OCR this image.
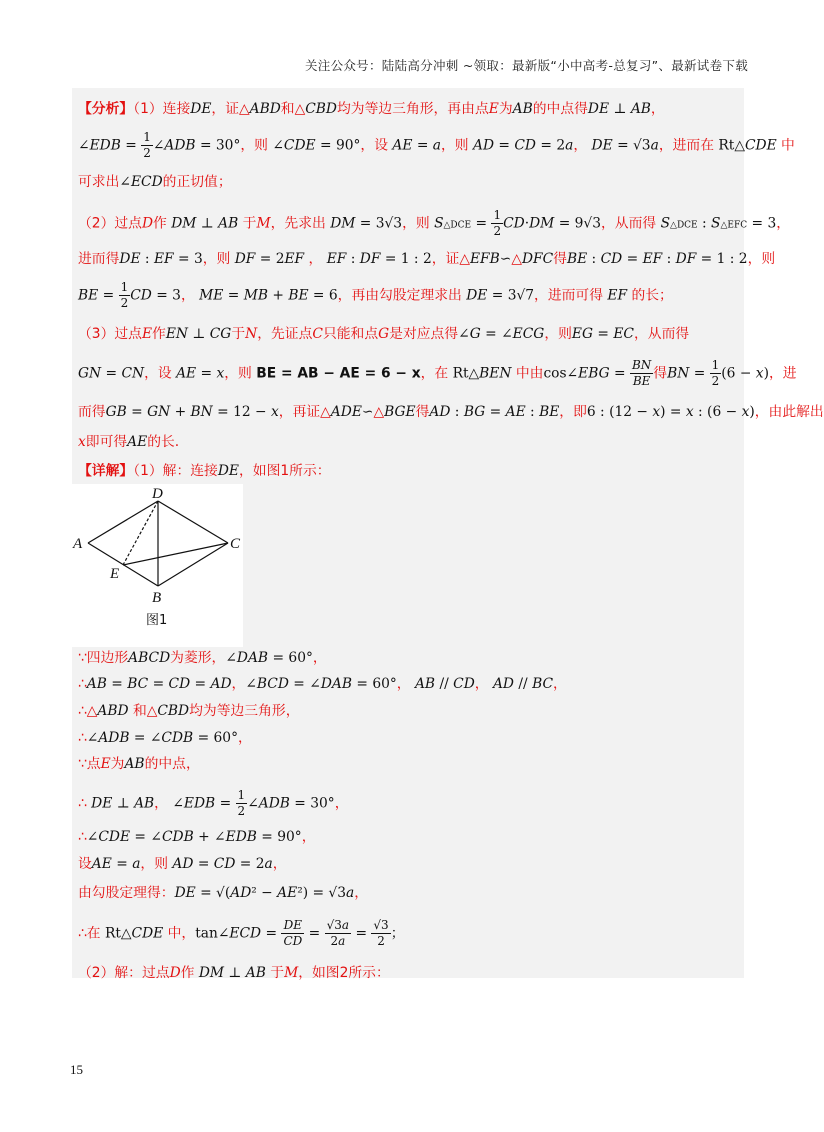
关注公众号：陆陆高分冲刺 ~领取：最新版“小中高考-总复习”、最新试卷下载
【分析】（1）连接DE，证△ABD和△CBD均为等边三角形，再由点E为AB的中点得DE ⊥ AB，
∠EDB = $\frac{1}{2}$ ∠ADB = 30°，则 ∠CDE = 90°，设 AE = a，则 AD = CD = 2a， DE = √3a，进而在 Rt△CDE 中
可求出∠ECD的正切值；
（2）过点D作 DM ⊥ AB 于M，先求出 DM = 3√3，则 S△DCE = $\frac{1}{2} CD\cdot DM = 9√3$，从而得 S△DCE : S△EFC = 3，
进而得DE : EF = 3，则 DF = 2EF ， EF : DF = 1 : 2，证△EFB∽△DFC得BE : CD = EF : DF = 1 : 2，则
BE = $\frac{1}{2}$ CD = 3， ME = MB + BE = 6，再由勾股定理求出 DE = 3√7，进而可得 EF 的长；
（3）过点E作EN ⊥ CG于N，先证点C只能和点G是对应点得∠G = ∠ECG，则EG = EC，从而得
GN = CN，设 AE = x，则 BE = AB − AE = 6 − x，在 Rt△BEN 中由cos∠EBG = $\frac{BN}{BE}$ 得BN = $\frac{1}{2} (6 - x)$，进
而得GB = GN + BN = 12 − x，再证△ADE∽△BGE得AD : BG = AE : BE，即6 : (12 − x) = x : (6 − x)，由此解出
x即可得AE的长.
【详解】（1）解：连接DE，如图1所示：
D
A	C
E
B
图1
∵四边形ABCD为菱形，∠DAB = 60°，
∴AB = BC = CD = AD，∠BCD = ∠DAB = 60°， AB // CD， AD // BC，
∴△ABD 和△CBD均为等边三角形，
∴∠ADB = ∠CDB = 60°，
∵点E为AB的中点，
∴ DE ⊥ AB， ∠EDB = $\frac{1}{2}$ ∠ADB = 30°，
∴∠CDE = ∠CDB + ∠EDB = 90°，
设AE = a，则 AD = CD = 2a，
由勾股定理得：DE = √(AD² − AE²) = √3a，
∴在 Rt△CDE 中，tan∠ECD = $\frac{DE}{CD} = \frac{√3a}{2a} = \frac{√3}{2}$ ；
（2）解：过点D作 DM ⊥ AB 于M，如图2所示：
15
